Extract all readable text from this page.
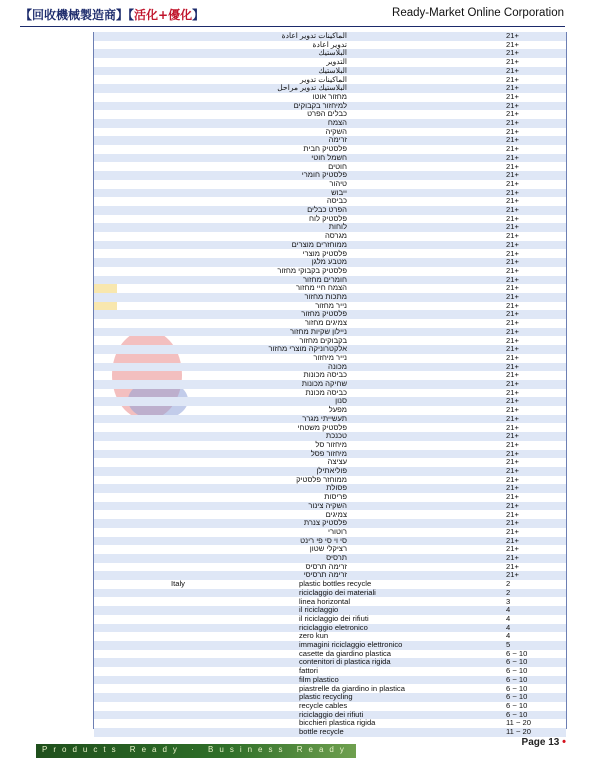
【回收機械製造商】【活化+優化】	Ready-Market Online Corporation
الماكينات تدوير اعادة	21+
تدوير اعادة	21+
البلاستيك	21+
التدوير	21+
البلاستيك	21+
الماكينات تدوير	21+
البلاستيك تدوير مراحل	21+
מחזור אוטו	21+
למיחזור בקבוקים	21+
כבלים הפרט	21+
הצמח	21+
השקיה	21+
זרימה	21+
פלסטיק חבית	21+
חשמל חוטי	21+
חוטים	21+
פלסטיק חומרי	21+
טיהור	21+
ייבוש	21+
כביסה	21+
הפרט כבלים	21+
פלסטיק לוח	21+
לוחות	21+
מגרסה	21+
ממוחזרים מוצרים	21+
פלסטיק מוצרי	21+
מטבע מלגן	21+
פלסטיק בקבוקי מחזור	21+
חומרים מחזור	21+
הצמח חיי מחזור	21+
מתכות מחזור	21+
נייר מחזור	21+
פלסטיק מחזור	21+
צמיגים מחזור	21+
ניילון שקיות מחזור	21+
בקבוקים מחזור	21+
אלקטרוניקה מוצרי מחזור	21+
נייר מיחזור	21+
מכונה	21+
כביסה מכונות	21+
שחיקה מכונות	21+
כביסה מכונת	21+
סנון	21+
מפעל	21+
תעשייתי מגרר	21+
פלסטיק משטחי	21+
טכנכת	21+
מיחזור סל	21+
מיחזור פסל	21+
עציצה	21+
פוליאתילן	21+
ממוחזר פלסטיק	21+
פסולת	21+
פריסות	21+
השקיה צינור	21+
צמיגים	21+
פלסטיק צנרת	21+
רוטורי	21+
סי וי סי פי רינט	21+
רציקלי שטון	21+
תרסיס	21+
זרימה תרסיס	21+
זרימה תרסיסי	21+
Italy	plastic bottles recycle	2
riciclaggio dei materiali	2
linea horizontal	3
il riciclaggio	4
il riciclaggio dei rifiuti	4
riciclaggio eletronico	4
zero kun	4
immagini riciclaggio elettronico	5
casette da giardino plastica	6 ~ 10
contenitori di plastica rigida	6 ~ 10
fattori	6 ~ 10
film plastico	6 ~ 10
piastrelle da giardino in plastica	6 ~ 10
plastic recycling	6 ~ 10
recycle cables	6 ~ 10
riciclaggio dei rifiuti	6 ~ 10
bicchieri plastica rigida	11 ~ 20
bottle recycle	11 ~ 20
Products Ready · Business Ready
Page 13 •
